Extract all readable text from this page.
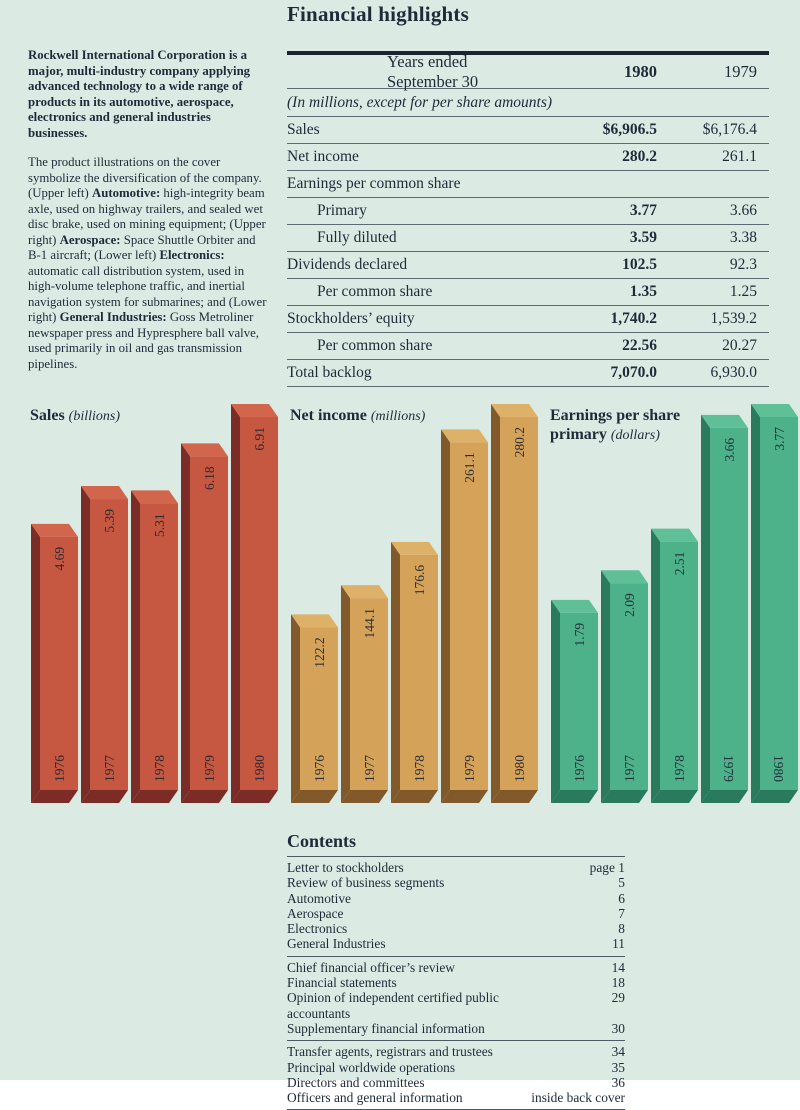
Rockwell International Corporation is a major, multi-industry company applying advanced technology to a wide range of products in its automotive, aerospace, electronics and general industries businesses.

The product illustrations on the cover symbolize the diversification of the company. (Upper left) Automotive: high-integrity beam axle, used on highway trailers, and sealed wet disc brake, used on mining equipment; (Upper right) Aerospace: Space Shuttle Orbiter and B-1 aircraft; (Lower left) Electronics: automatic call distribution system, used in high-volume telephone traffic, and inertial navigation system for submarines; and (Lower right) General Industries: Goss Metroliner newspaper press and Hypresphere ball valve, used primarily in oil and gas transmission pipelines.

Financial highlights
Years ended September 30
1980	1979
(In millions, except for per share amounts)
Sales	$6,906.5	$6,176.4
Net income	280.2	261.1
Earnings per common share
Primary	3.77	3.66
Fully diluted	3.59	3.38
Dividends declared	102.5	92.3
Per common share	1.35	1.25
Stockholders’ equity	1,740.2	1,539.2
Per common share	22.56	20.27
Total backlog	7,070.0	6,930.0
Sales (billions)
4.69
1976
5.39
1977
5.31
1978
6.18
1979
6.91
1980
Net income (millions)
122.2
1976
144.1
1977
176.6
1978
261.1
1979
280.2
1980
Earnings per share
primary (dollars)
1.79
1976
2.09
1977
2.51
1978
3.66
1979
3.77
1980
Contents
Letter to stockholders	page 1
Review of business segments	5
Automotive	6
Aerospace	7
Electronics	8
General Industries	11
Chief financial officer’s review	14
Financial statements	18
Opinion of independent certified public accountants
29
Supplementary financial information	30
Transfer agents, registrars and trustees	34
Principal worldwide operations	35
Directors and committees	36
Officers and general information	inside back cover
